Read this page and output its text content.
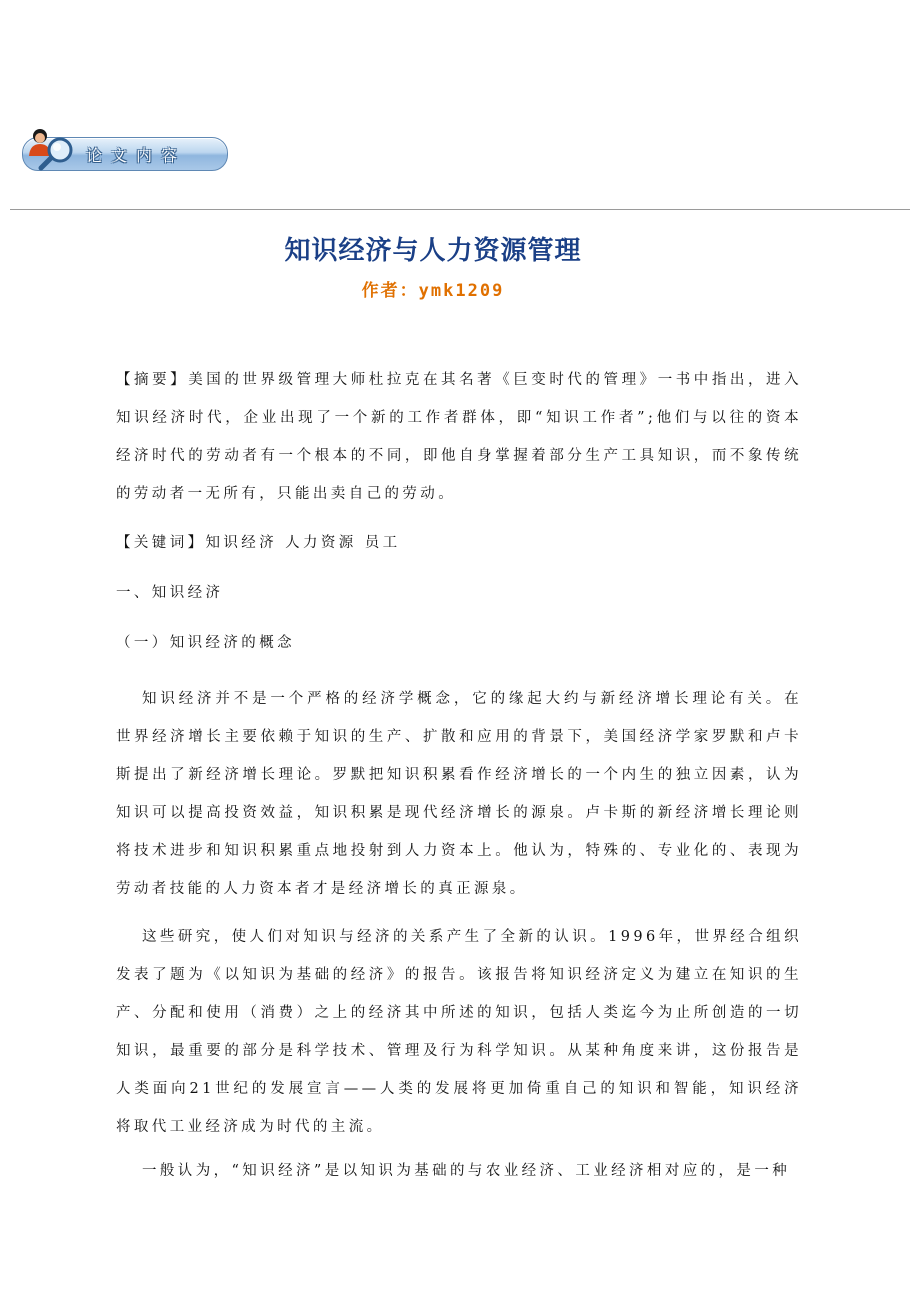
论文内容
知识经济与人力资源管理
作者：ymk1209

【摘要】美国的世界级管理大师杜拉克在其名著《巨变时代的管理》一书中指出，进入知识经济时代，企业出现了一个新的工作者群体，即“知识工作者”;他们与以往的资本经济时代的劳动者有一个根本的不同，即他自身掌握着部分生产工具知识，而不象传统的劳动者一无所有，只能出卖自己的劳动。

【关键词】知识经济 人力资源 员工

一、知识经济

（一）知识经济的概念

知识经济并不是一个严格的经济学概念，它的缘起大约与新经济增长理论有关。在世界经济增长主要依赖于知识的生产、扩散和应用的背景下，美国经济学家罗默和卢卡斯提出了新经济增长理论。罗默把知识积累看作经济增长的一个内生的独立因素，认为知识可以提高投资效益，知识积累是现代经济增长的源泉。卢卡斯的新经济增长理论则将技术进步和知识积累重点地投射到人力资本上。他认为，特殊的、专业化的、表现为劳动者技能的人力资本者才是经济增长的真正源泉。

这些研究，使人们对知识与经济的关系产生了全新的认识。1996年，世界经合组织发表了题为《以知识为基础的经济》的报告。该报告将知识经济定义为建立在知识的生产、分配和使用（消费）之上的经济其中所述的知识，包括人类迄今为止所创造的一切知识，最重要的部分是科学技术、管理及行为科学知识。从某种角度来讲，这份报告是人类面向21世纪的发展宣言——人类的发展将更加倚重自己的知识和智能，知识经济将取代工业经济成为时代的主流。

一般认为，“知识经济”是以知识为基础的与农业经济、工业经济相对应的，是一种
